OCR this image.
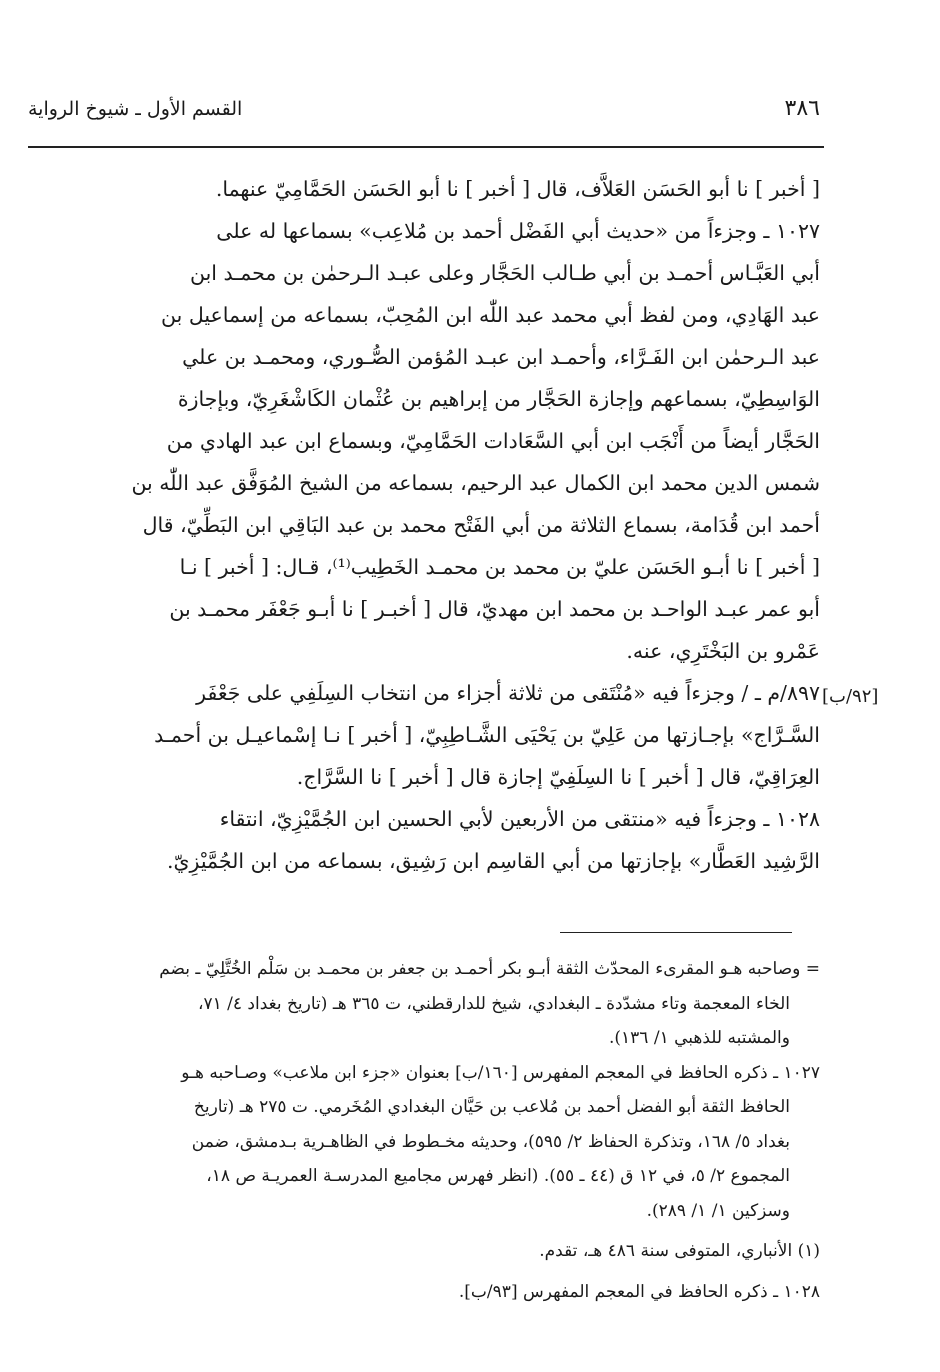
٣٨٦
القسم الأول ـ شيوخ الرواية
[ أخبر ] نا أبو الحَسَن العَلاَّف، قال [ أخبر ] نا أبو الحَسَن الحَمَّامِيّ عنهما.
١٠٢٧ ـ وجزءاً من «حديث أبي الفَضْل أحمد بن مُلاعِب» بسماعها له على
أبي العَبَّـاس أحمـد بن أبي طـالب الحَجَّار وعلى عبـد الـرحمٰن بن محمـد ابن
عبد الهَادِي، ومن لفظ أبي محمد عبد اللّٰه ابن المُحِبّ، بسماعه من إسماعيل بن
عبد الـرحمٰن ابن الفَـرَّاء، وأحمـد ابن عبـد المُؤمن الصُّـوري، ومحمـد بن علي
الوَاسِطِيّ، بسماعهم وإجازة الحَجَّار من إبراهيم بن عُثْمان الكَاشْغَرِيّ، وبإجازة
الحَجَّار أيضاً من أَنْجَب ابن أبي السَّعَادات الحَمَّامِيّ، وبسماع ابن عبد الهادي من
شمس الدين محمد ابن الكمال عبد الرحيم، بسماعه من الشيخ المُوَفَّق عبد اللّٰه بن
أحمد ابن قُدَامة، بسماع الثلاثة من أبي الفَتْح محمد بن عبد البَاقِي ابن البَطِّيّ، قال
[ أخبر ] نا أبـو الحَسَن عليّ بن محمد بن محمـد الخَطِيب⁽¹⁾، قـال: [ أخبر ] نـا
أبو عمر عبـد الواحـد بن محمد ابن مهديّ، قال [ أخبـر ] نا أبـو جَعْفَر محمـد بن
عَمْرو بن البَخْتَرِي، عنه.
٨٩٧/م ـ / وجزءاً فيه «مُنْتَقى من ثلاثة أجزاء من انتخاب السِلَفِي على جَعْفَر
السَّـرَّاج» بإجـازتها من عَلِيّ بن يَحْيَى الشَّـاطِبِيّ، [ أخبر ] نـا إسْماعيـل بن أحمـد
العِرَاقِيّ، قال [ أخبر ] نا السِلَفِيّ إجازة قال [ أخبر ] نا السَّرَّاج.
١٠٢٨ ـ وجزءاً فيه «منتقى من الأربعين لأبي الحسين ابن الجُمَّيْزِيّ، انتقاء
الرَّشِيد العَطَّار» بإجازتها من أبي القاسِم ابن رَشِيق، بسماعه من ابن الجُمَّيْزِيّ.
[٩٢/ب]
= وصاحبه هـو المقرىء المحدّث الثقة أبـو بكر أحمـد بن جعفر بن محمـد بن سَلْم الخُتَّلِيّ ـ بضم
الخاء المعجمة وتاء مشدّدة ـ البغدادي، شيخ للدارقطني، ت ٣٦٥ هـ (تاريخ بغداد ٤/ ٧١،
والمشتبه للذهبي ١/ ١٣٦).
١٠٢٧ ـ ذكره الحافظ في المعجم المفهرس [١٦٠/ب] بعنوان «جزء ابن ملاعب» وصـاحبه هـو
الحافظ الثقة أبو الفضل أحمد بن مُلاعب بن حَيَّان البغدادي المُخَرمي. ت ٢٧٥ هـ (تاريخ
بغداد ٥/ ١٦٨، وتذكرة الحفاظ ٢/ ٥٩٥)، وحديثه مخـطوط في الظاهـرية بـدمشق، ضمن
المجموع ٢/ ٥، في ١٢ ق (٤٤ ـ ٥٥). (انظر فهرس مجاميع المدرسـة العمريـة ص ١٨،
وسزكين ١/ ١/ ٢٨٩).
(١) الأنباري، المتوفى سنة ٤٨٦ هـ، تقدم.
١٠٢٨ ـ ذكره الحافظ في المعجم المفهرس [٩٣/ب].
